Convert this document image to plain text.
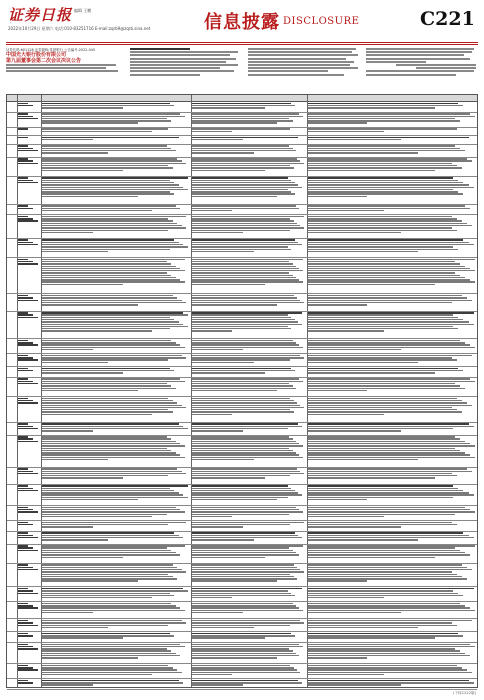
证券日报 编辑 王鹏
2022年10月29日 星期六 电话:010-83251716 E-mail:zqrb9@zqrb.sina.net	信息披露 DISCLOSURE	C221
证券代码:601128 证券简称:常熟银行 公告编号:2022-045
中国光大银行股份有限公司
第九届董事会第二次会议决议公告
(下转C222版)
